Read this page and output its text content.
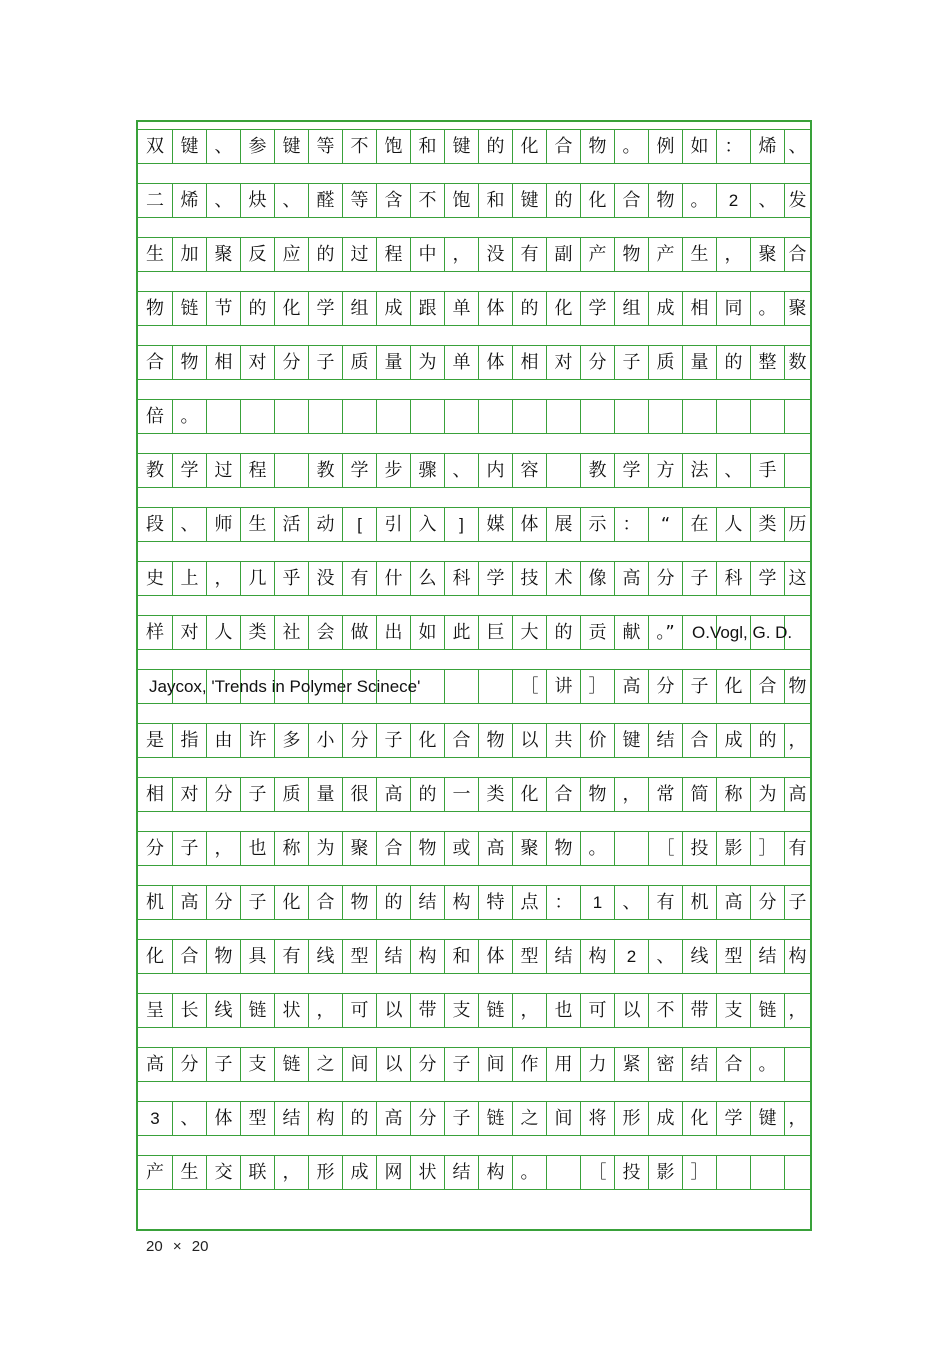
双 键 、 参 键 等 不 饱 和 键 的 化 合 物 。 例 如 ： 烯 、
二 烯 、 炔 、 醛 等 含 不 饱 和 键 的 化 合 物 。	2	、 发
生 加 聚 反 应 的 过 程 中 ， 没 有 副 产 物 产 生 ， 聚 合
物 链 节 的 化 学 组 成 跟 单 体 的 化 学 组 成 相 同 。 聚
合 物 相 对 分 子 质 量 为 单 体 相 对 分 子 质 量 的 整 数
倍 。
教 学 过 程	教 学 步 骤 、 内 容	教 学 方 法 、 手
段 、 师 生 活 动	[	引 入	]	媒 体 展 示 ：	“	在 人 类 历
史 上 ， 几 乎 没 有 什 么 科 学 技 术 像 高 分 子 科 学 这
样 对 人 类 社 会 做 出 如 此 巨 大 的 贡 献 。”
［ 讲 ］ 高 分 子 化 合 物
是 指 由 许 多 小 分 子 化 合 物 以 共 价 键 结 合 成 的 ，
相 对 分 子 质 量 很 高 的 一 类 化 合 物 ， 常 简 称 为 高
分 子 ， 也 称 为 聚 合 物 或 高 聚 物 。	［ 投 影 ］ 有
机 高 分 子 化 合 物 的 结 构 特 点 ：	1	、 有 机 高 分 子
化 合 物 具 有 线 型 结 构 和 体 型 结 构	2	、 线 型 结 构
呈 长 线 链 状 ， 可 以 带 支 链 ， 也 可 以 不 带 支 链 ，
高 分 子 支 链 之 间 以 分 子 间 作 用 力 紧 密 结 合 。
3	、 体 型 结 构 的 高 分 子 链 之 间 将 形 成 化 学 键 ，
产 生 交 联 ， 形 成 网 状 结 构 。	［ 投 影 ］
O.Vogl, G. D.
Jaycox, 'Trends in Polymer Scinece'
20 × 20
